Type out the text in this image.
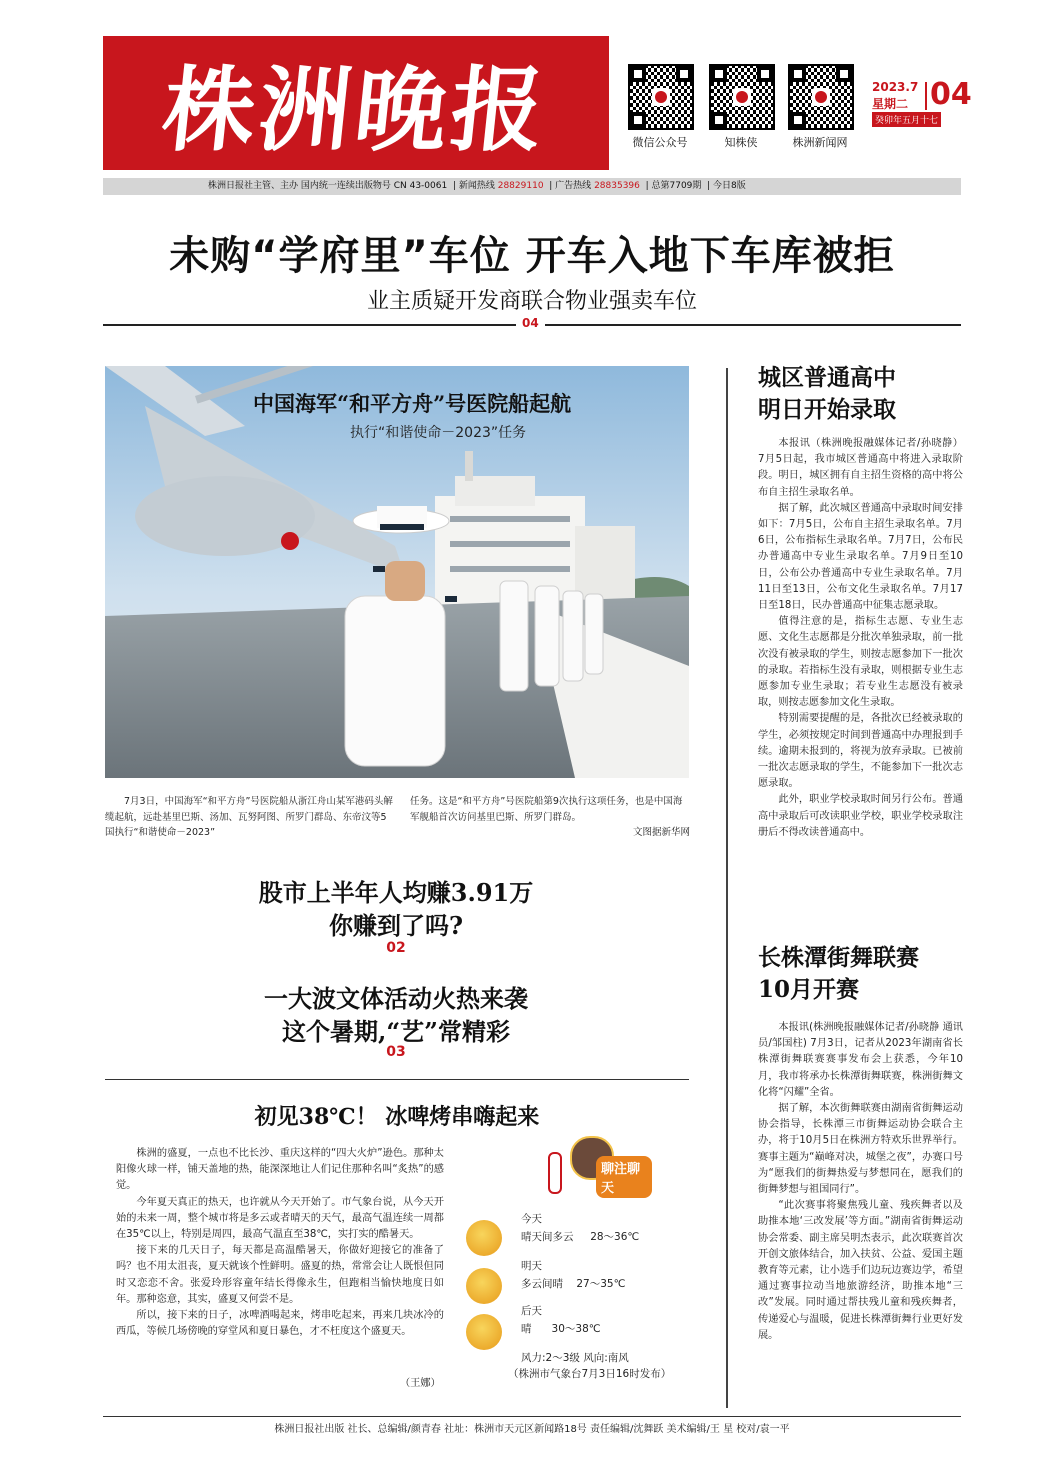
株洲晚报	微信公众号	知株侠	株洲新闻网
2023.7
星期二
癸卯年五月十七
04
株洲日报社主管、主办 国内统一连续出版物号 CN 43-0061  | 新闻热线 28829110  | 广告热线 28835396  | 总第7709期  | 今日8版
未购“学府里”车位 开车入地下车库被拒
业主质疑开发商联合物业强卖车位
04
中国海军“和平方舟”号医院船起航
执行“和谐使命－2023”任务
7月3日，中国海军“和平方舟”号医院船从浙江舟山某军港码头解缆起航，远赴基里巴斯、汤加、瓦努阿图、所罗门群岛、东帝汶等5国执行“和谐使命－2023”
任务。这是“和平方舟”号医院船第9次执行这项任务，也是中国海军舰船首次访问基里巴斯、所罗门群岛。
文图据新华网
股市上半年人均赚3.91万
你赚到了吗?
02
一大波文体活动火热来袭
这个暑期,“艺”常精彩
03
初见38℃！ 冰啤烤串嗨起来

株洲的盛夏，一点也不比长沙、重庆这样的“四大火炉”逊色。那种太阳像火球一样，铺天盖地的热，能深深地让人们记住那种名叫“炙热”的感觉。

今年夏天真正的热天，也许就从今天开始了。市气象台说，从今天开始的未来一周，整个城市将是多云或者晴天的天气，最高气温连续一周都在35℃以上，特别是周四，最高气温直至38℃，实打实的酷暑天。

接下来的几天日子，每天都是高温酷暑天，你做好迎接它的准备了吗？也不用太沮丧，夏天就该个性鲜明。盛夏的热，常常会让人既恨但同时又恋恋不舍。张爱玲形容童年结长得像永生，但跑相当愉快地度日如年。那种恣意，其实，盛夏又何尝不是。

所以，接下来的日子，冰啤酒喝起来，烤串吃起来，再来几块冰冷的西瓜，等候几场傍晚的穿堂风和夏日暴色，才不枉度这个盛夏天。

（王娜）
聊注聊天
今天
晴天间多云     28～36℃
明天
多云间晴    27～35℃
后天
晴      30～38℃
风力:2～3级 风向:南风
（株洲市气象台7月3日16时发布）
城区普通高中
明日开始录取

本报讯（株洲晚报融媒体记者/孙晓静） 7月5日起，我市城区普通高中将进入录取阶段。明日，城区拥有自主招生资格的高中将公布自主招生录取名单。

据了解，此次城区普通高中录取时间安排如下：7月5日，公布自主招生录取名单。7月6日，公布指标生录取名单。7月7日，公布民办普通高中专业生录取名单。7月9日至10日，公布公办普通高中专业生录取名单。7月11日至13日，公布文化生录取名单。7月17日至18日，民办普通高中征集志愿录取。

值得注意的是，指标生志愿、专业生志愿、文化生志愿都是分批次单独录取，前一批次没有被录取的学生，则按志愿参加下一批次的录取。若指标生没有录取，则根据专业生志愿参加专业生录取；若专业生志愿没有被录取，则按志愿参加文化生录取。

特别需要提醒的是，各批次已经被录取的学生，必须按规定时间到普通高中办理报到手续。逾期未报到的，将视为放弃录取。已被前一批次志愿录取的学生，不能参加下一批次志愿录取。

此外，职业学校录取时间另行公布。普通高中录取后可改读职业学校，职业学校录取注册后不得改读普通高中。

长株潭街舞联赛
10月开赛

本报讯(株洲晚报融媒体记者/孙晓静 通讯员/邹国柱) 7月3日，记者从2023年湖南省长株潭街舞联赛赛事发布会上获悉，今年10月，我市将承办长株潭街舞联赛，株洲街舞文化将“闪耀”全省。

据了解，本次街舞联赛由湖南省街舞运动协会指导，长株潭三市街舞运动协会联合主办，将于10月5日在株洲方特欢乐世界举行。赛事主题为“巅峰对决，城堡之夜”，办赛口号为“愿我们的街舞热爱与梦想同在，愿我们的街舞梦想与祖国同行”。

“此次赛事将聚焦残儿童、残疾舞者以及助推本地‘三改发展’等方面。”湖南省街舞运动协会常委、副主席吴明杰表示，此次联赛首次开创文旅体结合，加入扶贫、公益、爱国主题教育等元素，让小选手们边玩边赛边学，希望通过赛事拉动当地旅游经济，助推本地“三改”发展。同时通过帮扶残儿童和残疾舞者，传递爱心与温暖，促进长株潭街舞行业更好发展。

株洲日报社出版 社长、总编辑/颜青春 社址：株洲市天元区新闻路18号 责任编辑/沈舞跃 美术编辑/王 星 校对/袁一平
